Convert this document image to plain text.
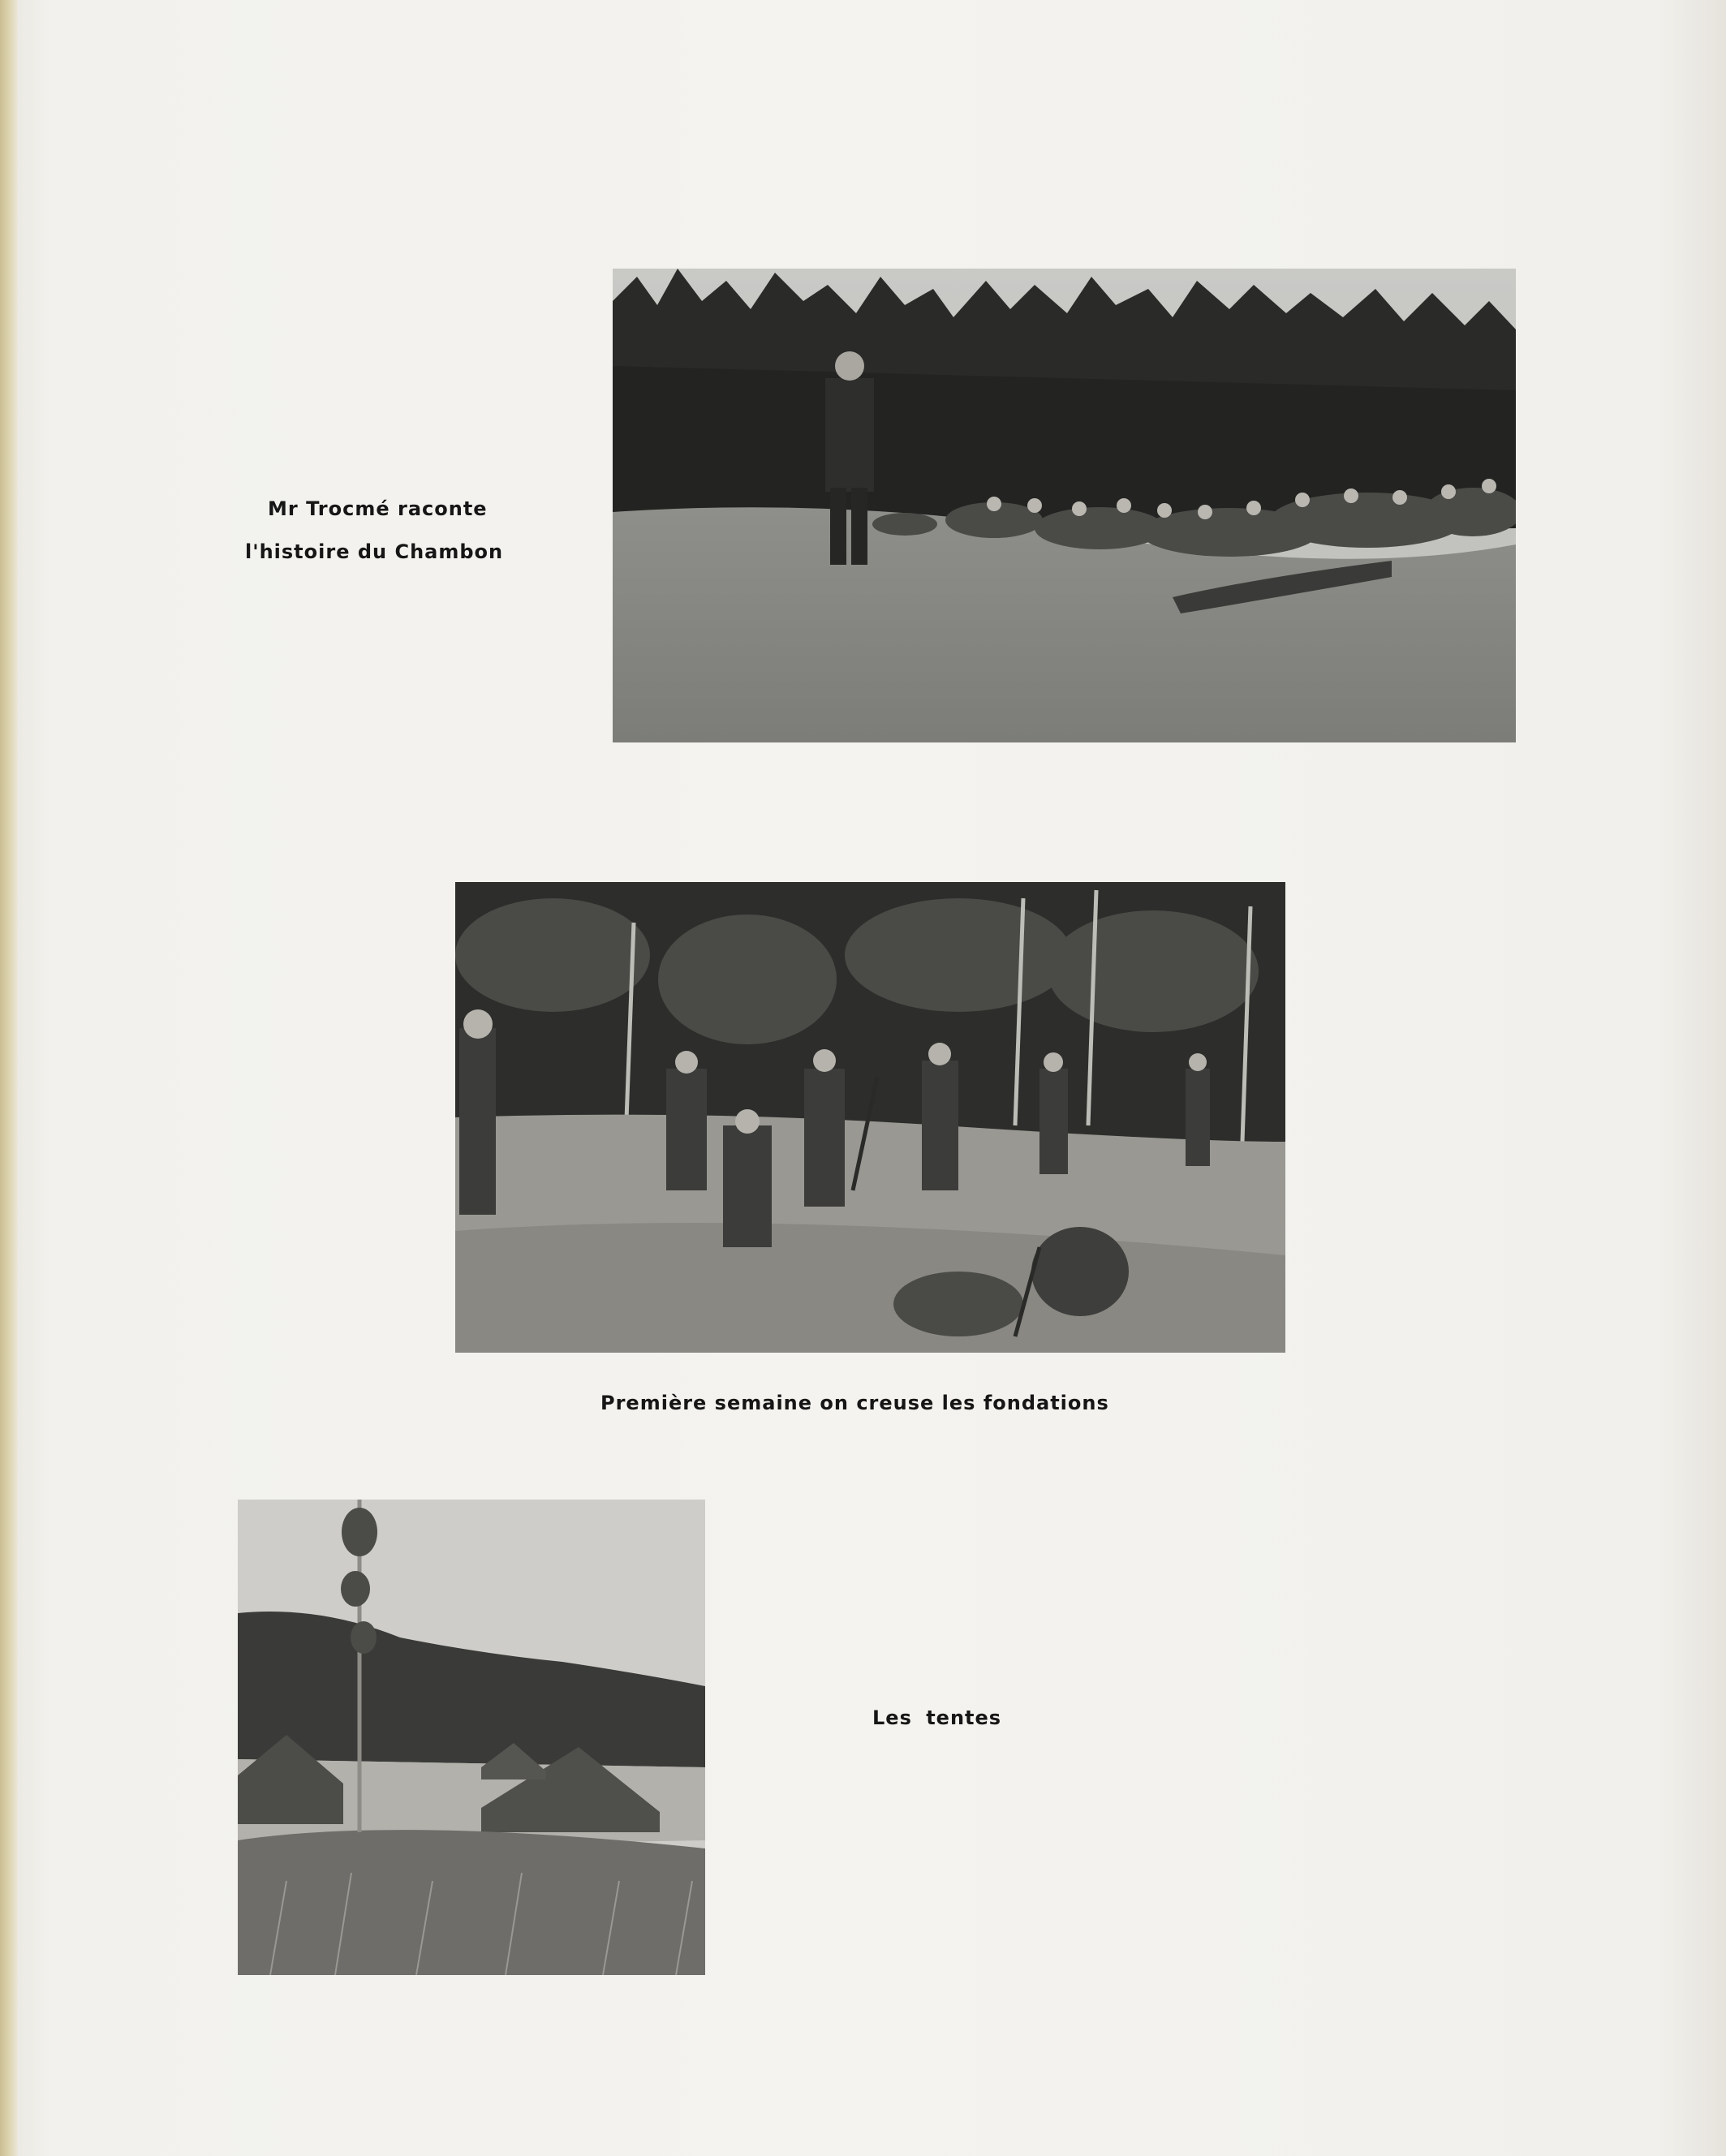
Mr Trocmé raconte
l'histoire du Chambon
Première semaine on creuse les fondations
Les tentes
